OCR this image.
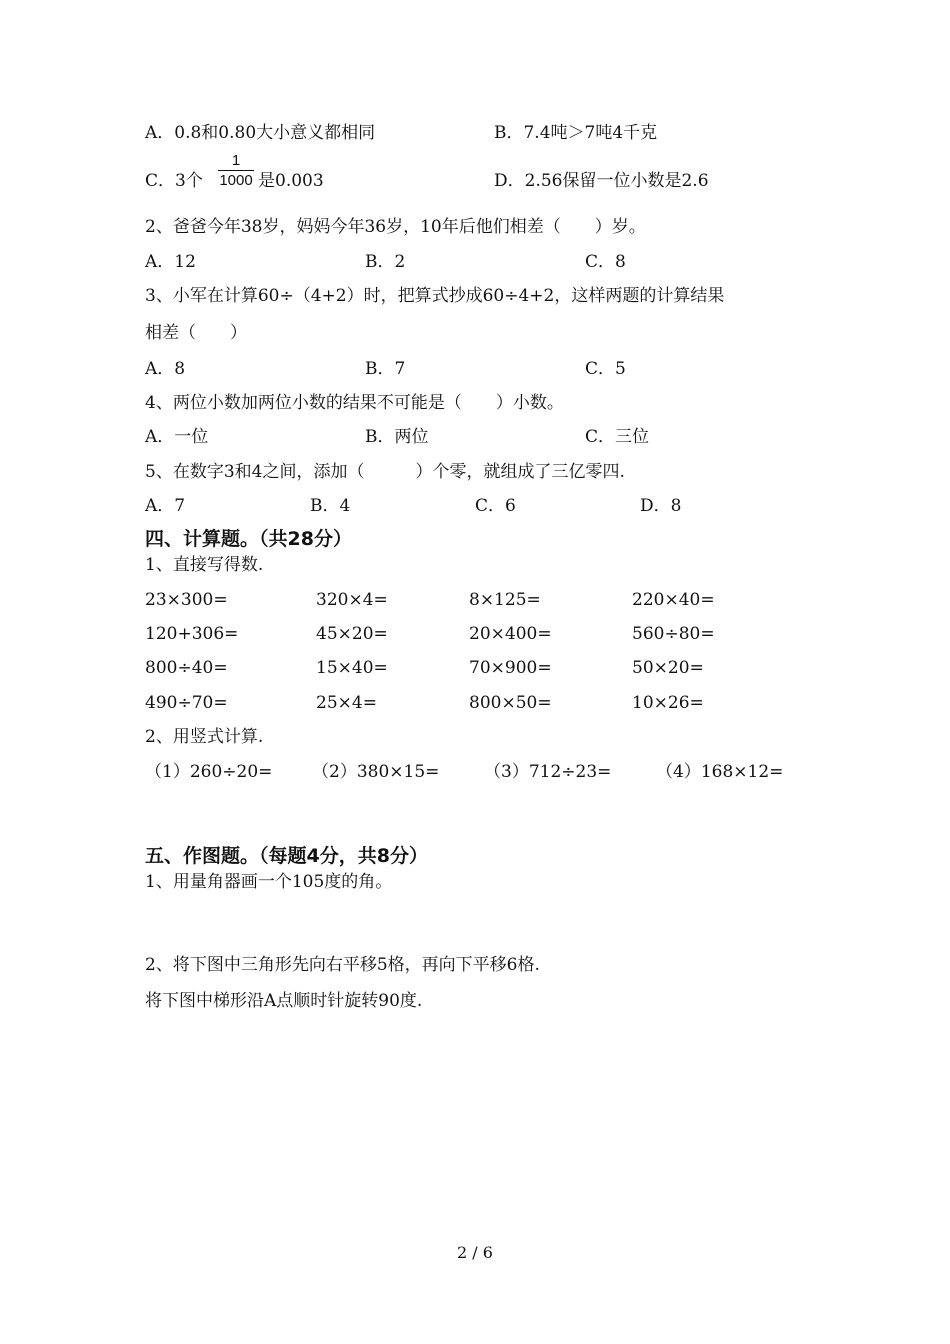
A．0.8和0.80大小意义都相同	B．7.4吨＞7吨4千克
C．3个
1
1000 是0.003	D．2.56保留一位小数是2.6
2、爸爸今年38岁，妈妈今年36岁，10年后他们相差（　　）岁。
A．12	B．2	C．8
3、小军在计算60÷（4+2）时，把算式抄成60÷4+2，这样两题的计算结果
相差（　　）
A．8	B．7	C．5
4、两位小数加两位小数的结果不可能是（　　）小数。
A．一位	B．两位	C．三位
5、在数字3和4之间，添加（　　　）个零，就组成了三亿零四.
A．7	B．4	C．6	D．8
四、计算题。（共28分）
1、直接写得数.
23×300=	320×4=	8×125=	220×40=
120+306=	45×20=	20×400=	560÷80=
800÷40=	15×40=	70×900=	50×20=
490÷70=	25×4=	800×50=	10×26=
2、用竖式计算.
（1）260÷20= （2）380×15=	（3）712÷23=	（4）168×12=
五、作图题。（每题4分，共8分）
1、用量角器画一个105度的角。
2、将下图中三角形先向右平移5格，再向下平移6格.
将下图中梯形沿A点顺时针旋转90度.
2 / 6
